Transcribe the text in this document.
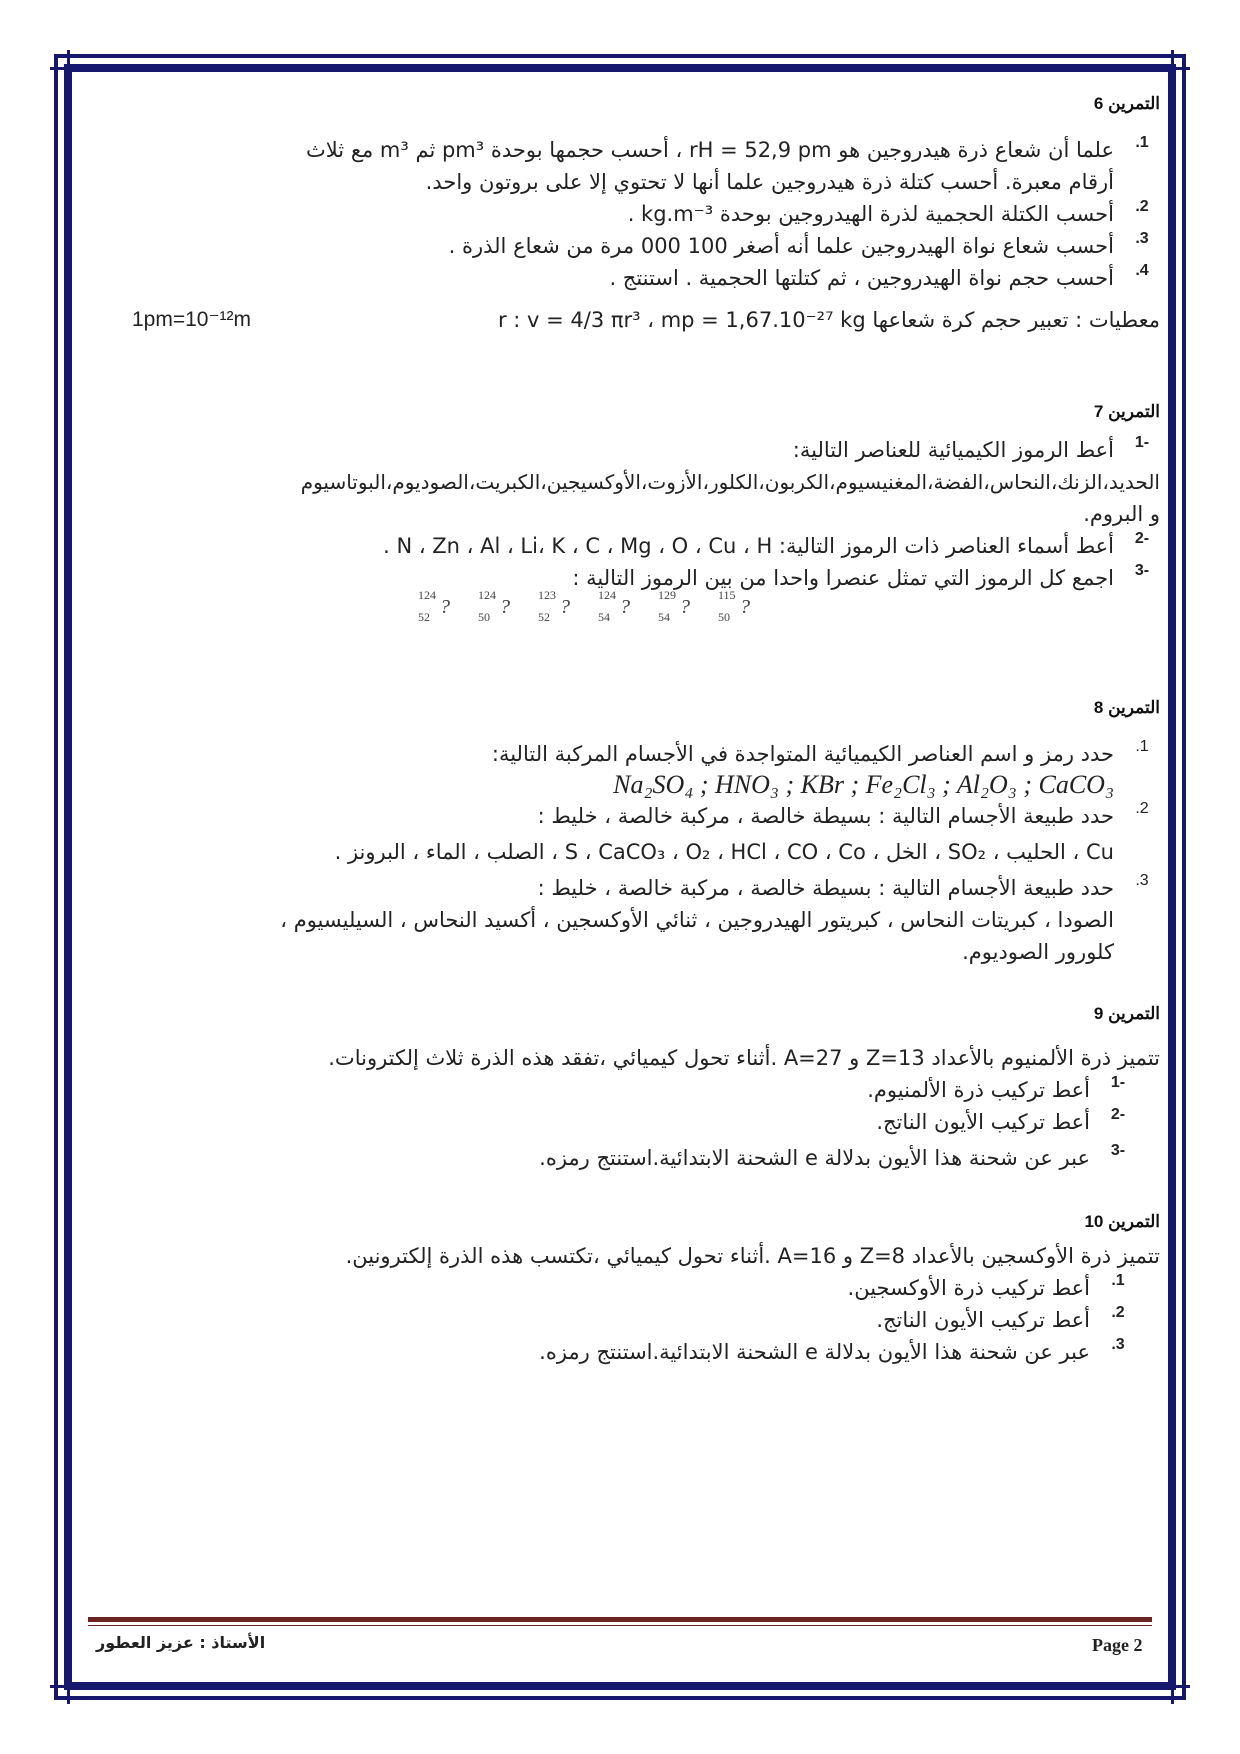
التمرين 6

1.

علما أن شعاع ذرة هيدروجين هو rH = 52,9 pm ، أحسب حجمها بوحدة pm³ ثم m³ مع ثلاث

أرقام معبرة. أحسب كتلة ذرة هيدروجين علما أنها لا تحتوي إلا على بروتون واحد.

2.

أحسب الكتلة الحجمية لذرة الهيدروجين بوحدة kg.m⁻³ .

3.

أحسب شعاع نواة الهيدروجين علما أنه أصغر 100 000 مرة من شعاع الذرة .

4.

أحسب حجم نواة الهيدروجين ، ثم كتلتها الحجمية . استنتج .

معطيات : تعبير حجم كرة شعاعها r : v = 4/3 πr³ ، mp = 1,67.10⁻²⁷ kg

1pm=10⁻¹²m

التمرين 7

-1

أعط الرموز الكيميائية للعناصر التالية:

الحديد،الزنك،النحاس،الفضة،المغنيسيوم،الكربون،الكلور،الأزوت،الأوكسيجين،الكبريت،الصوديوم،البوتاسيوم

و البروم.

-2

أعط أسماء العناصر ذات الرموز التالية: N ، Zn ، Al ، Li، K ، C ، Mg ، O ، Cu ، H .

-3

اجمع كل الرموز التي تمثل عنصرا واحدا من بين الرموز التالية :

124
52 ?
124
50 ?
123
52 ?
124
54 ?
129
54 ?
115
50 ?

التمرين 8

1.

حدد رمز و اسم العناصر الكيميائية المتواجدة في الأجسام المركبة التالية:

Na₂SO₄ ; HNO₃ ; KBr ; Fe₂Cl₃ ; Al₂O₃ ; CaCO₃
2.

حدد طبيعة الأجسام التالية : بسيطة خالصة ، مركبة خالصة ، خليط :

Cu ، الحليب ، SO₂ ، الخل ، S ، CaCO₃ ، O₂ ، HCl ، CO ، Co ، الصلب ، الماء ، البرونز .

3.

حدد طبيعة الأجسام التالية : بسيطة خالصة ، مركبة خالصة ، خليط :

الصودا ، كبريتات النحاس ، كبريتور الهيدروجين ، ثنائي الأوكسجين ، أكسيد النحاس ، السيليسيوم ،

كلورور الصوديوم.

التمرين 9

تتميز ذرة الألمنيوم بالأعداد Z=13 و A=27 .أثناء تحول كيميائي ،تفقد هذه الذرة ثلاث إلكترونات.

-1

أعط تركيب ذرة الألمنيوم.

-2

أعط تركيب الأيون الناتج.

-3

عبر عن شحنة هذا الأيون بدلالة e الشحنة الابتدائية.استنتج رمزه.

التمرين 10

تتميز ذرة الأوكسجين بالأعداد Z=8 و A=16 .أثناء تحول كيميائي ،تكتسب هذه الذرة إلكترونين.

1.

أعط تركيب ذرة الأوكسجين.

2.

أعط تركيب الأيون الناتج.

3.

عبر عن شحنة هذا الأيون بدلالة e الشحنة الابتدائية.استنتج رمزه.

Page 2
الأستاذ : عزيز العطور
